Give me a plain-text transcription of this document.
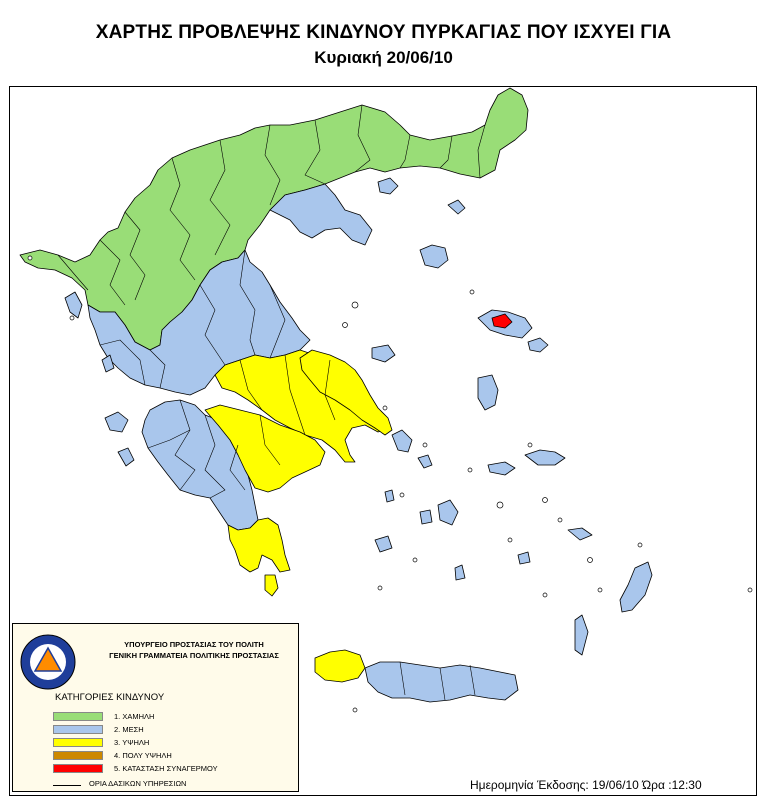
ΧΑΡΤΗΣ ΠΡΟΒΛΕΨΗΣ ΚΙΝΔΥΝΟΥ ΠΥΡΚΑΓΙΑΣ ΠΟΥ ΙΣΧΥΕΙ ΓΙΑ
Κυριακή 20/06/10
ΥΠΟΥΡΓΕΙΟ ΠΡΟΣΤΑΣΙΑΣ ΤΟΥ ΠΟΛΙΤΗ
ΓΕΝΙΚΗ ΓΡΑΜΜΑΤΕΙΑ ΠΟΛΙΤΙΚΗΣ ΠΡΟΣΤΑΣΙΑΣ
ΚΑΤΗΓΟΡΙΕΣ ΚΙΝΔΥΝΟΥ
1. ΧΑΜΗΛΗ
2. ΜΕΣΗ
3. ΥΨΗΛΗ
4. ΠΟΛΥ ΥΨΗΛΗ
5. ΚΑΤΑΣΤΑΣΗ ΣΥΝΑΓΕΡΜΟΥ
ΟΡΙΑ ΔΑΣΙΚΩΝ ΥΠΗΡΕΣΙΩΝ	Ημερομηνία Έκδοσης: 19/06/10 Ώρα :12:30
